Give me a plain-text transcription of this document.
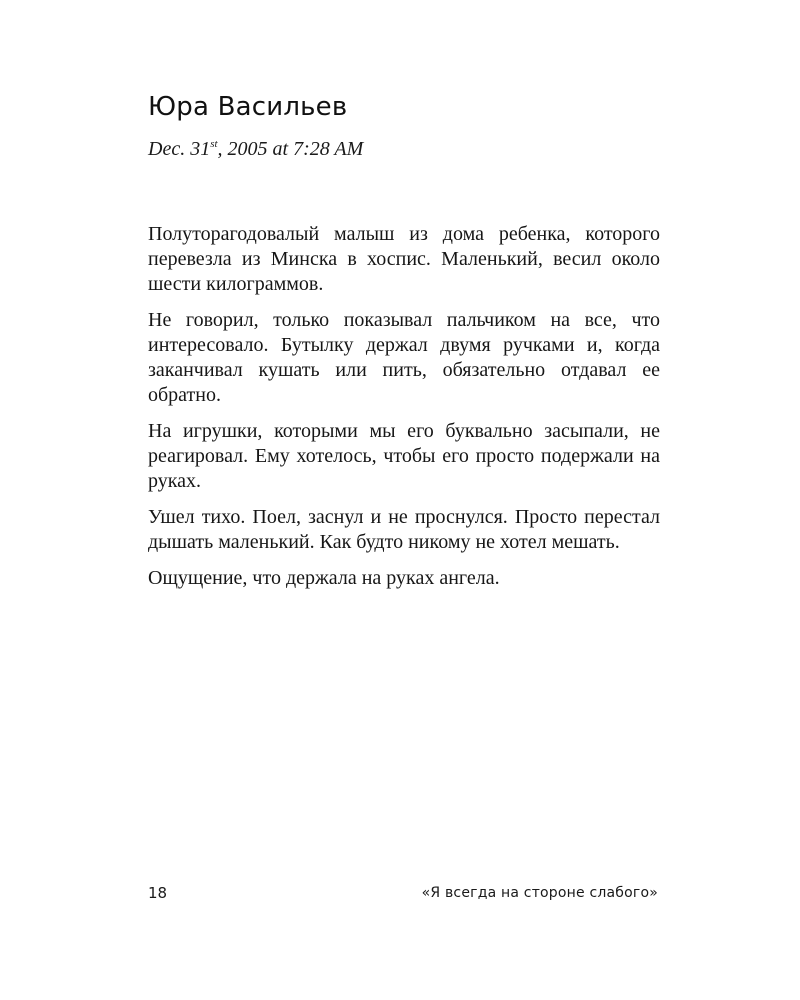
Юра Васильев
Dec. 31st, 2005 at 7:28 AM

Полуторагодовалый малыш из дома ребенка, которого перевезла из Минска в хоспис. Маленький, весил около шести килограммов.

Не говорил, только показывал пальчиком на все, что интересовало. Бутылку держал двумя ручками и, когда заканчивал кушать или пить, обязательно отдавал ее обратно.

На игрушки, которыми мы его буквально засыпали, не реагировал. Ему хотелось, чтобы его просто подержали на руках.

Ушел тихо. Поел, заснул и не проснулся. Просто перестал дышать маленький. Как будто никому не хотел мешать.

Ощущение, что держала на руках ангела.

18	«Я всегда на стороне слабого»
